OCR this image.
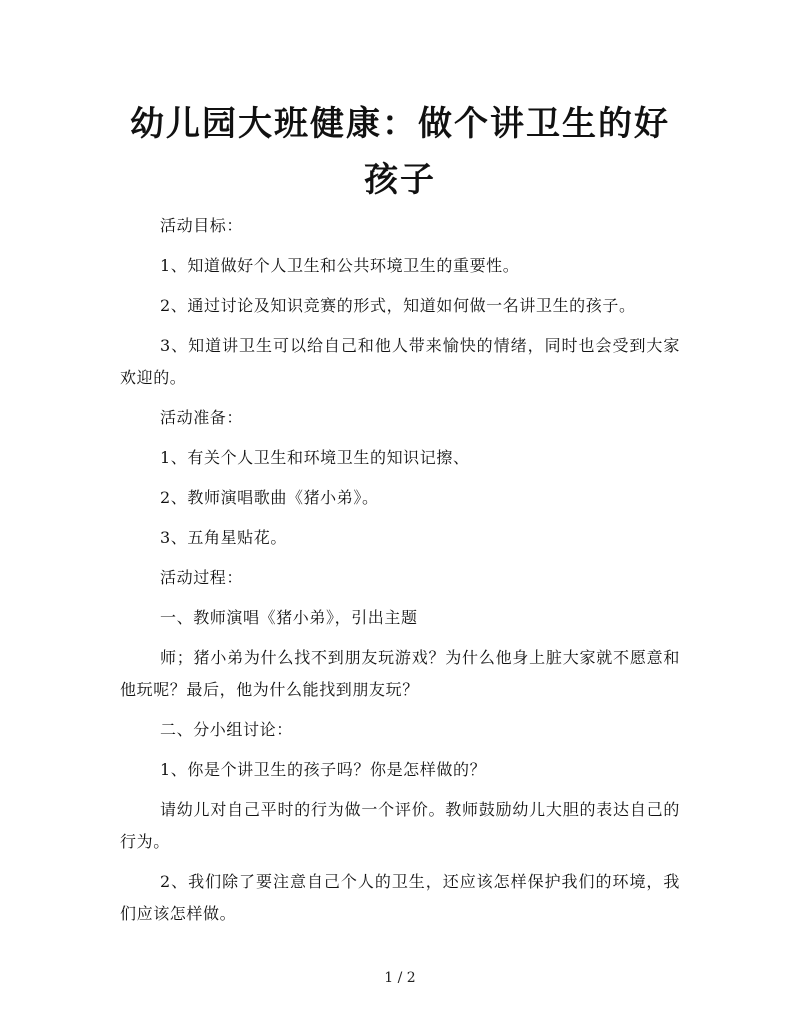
幼儿园大班健康：做个讲卫生的好孩子

活动目标：

1、知道做好个人卫生和公共环境卫生的重要性。

2、通过讨论及知识竞赛的形式，知道如何做一名讲卫生的孩子。

3、知道讲卫生可以给自己和他人带来愉快的情绪，同时也会受到大家欢迎的。

活动准备：

1、有关个人卫生和环境卫生的知识记擦、

2、教师演唱歌曲《猪小弟》。

3、五角星贴花。

活动过程：

一、教师演唱《猪小弟》，引出主题

师；猪小弟为什么找不到朋友玩游戏？为什么他身上脏大家就不愿意和他玩呢？最后，他为什么能找到朋友玩？

二、分小组讨论：

1、你是个讲卫生的孩子吗？你是怎样做的？

请幼儿对自己平时的行为做一个评价。教师鼓励幼儿大胆的表达自己的行为。

2、我们除了要注意自己个人的卫生，还应该怎样保护我们的环境，我们应该怎样做。

1 / 2
